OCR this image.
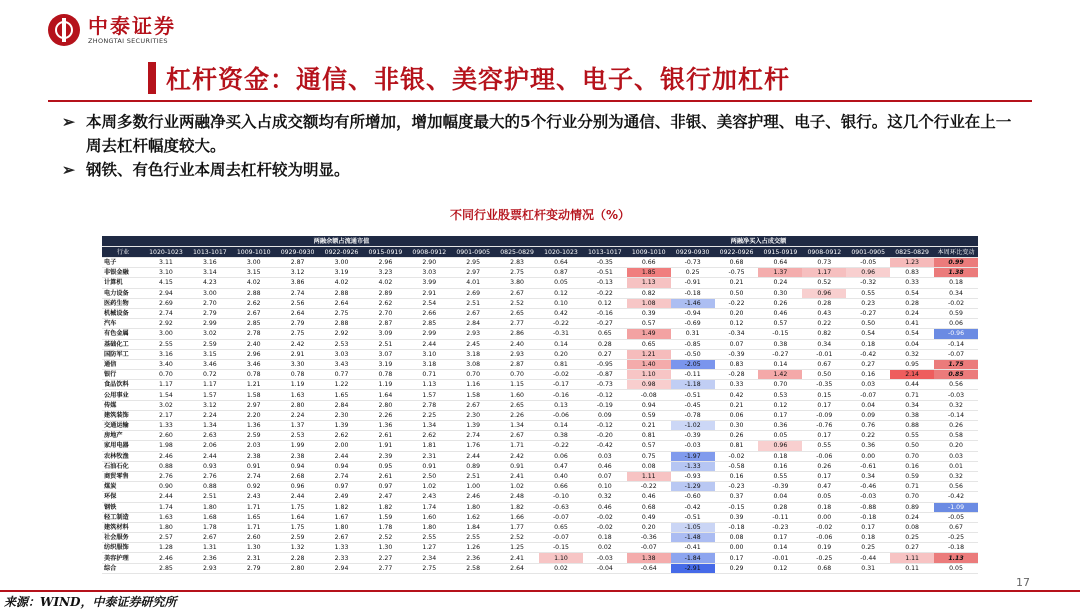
中泰证券
ZHONGTAI SECURITIES
杠杆资金：通信、非银、美容护理、电子、银行加杠杆
➢ 本周多数行业两融净买入占成交额均有所增加，增加幅度最大的5个行业分别为通信、非银、美容护理、电子、银行。这几个行业在上一周去杠杆幅度较大。
➢ 钢铁、有色行业本周去杠杆较为明显。
不同行业股票杠杆变动情况（%）
	两融余额占流通市值									两融净买入占成交额									
行业	1020-1023	1013-1017	1009-1010	0929-0930	0922-0926	0915-0919	0908-0912	0901-0905	0825-0829	1020-1023	1013-1017	1009-1010	0929-0930	0922-0926	0915-0919	0908-0912	0901-0905	0825-0829	本周环比变动
电子	3.11	3.16	3.00	2.87	3.00	2.96	2.90	2.95	2.83	0.64	-0.35	0.66	-0.73	0.68	0.64	0.73	-0.05	1.23	0.99
非银金融	3.10	3.14	3.15	3.12	3.19	3.23	3.03	2.97	2.75	0.87	-0.51	1.85	0.25	-0.75	1.37	1.17	0.96	0.83	1.38
计算机	4.15	4.23	4.02	3.86	4.02	4.02	3.99	4.01	3.80	0.05	-0.13	1.13	-0.91	0.21	0.24	0.52	-0.32	0.33	0.18
电力设备	2.94	3.00	2.88	2.74	2.88	2.89	2.91	2.69	2.67	0.12	-0.22	0.82	-0.18	0.50	0.30	0.96	0.55	0.54	0.34
医药生物	2.69	2.70	2.62	2.56	2.64	2.62	2.54	2.51	2.52	0.10	0.12	1.08	-1.46	-0.22	0.26	0.28	0.23	0.28	-0.02
机械设备	2.74	2.79	2.67	2.64	2.75	2.70	2.66	2.67	2.65	0.42	-0.16	0.39	-0.94	0.20	0.46	0.43	-0.27	0.24	0.59
汽车	2.92	2.99	2.85	2.79	2.88	2.87	2.85	2.84	2.77	-0.22	-0.27	0.57	-0.69	0.12	0.57	0.22	0.50	0.41	0.06
有色金属	3.00	3.02	2.78	2.75	2.92	3.09	2.99	2.93	2.86	-0.31	0.65	1.49	0.31	-0.34	-0.15	0.82	0.54	0.54	-0.96
基础化工	2.55	2.59	2.40	2.42	2.53	2.51	2.44	2.45	2.40	0.14	0.28	0.65	-0.85	0.07	0.38	0.34	0.18	0.04	-0.14
国防军工	3.16	3.15	2.96	2.91	3.03	3.07	3.10	3.18	2.93	0.20	0.27	1.21	-0.50	-0.39	-0.27	-0.01	-0.42	0.32	-0.07
通信	3.40	3.46	3.46	3.30	3.43	3.19	3.18	3.08	2.87	0.81	-0.95	1.40	-2.05	0.83	0.14	0.67	0.27	0.95	1.75
银行	0.70	0.72	0.78	0.78	0.77	0.78	0.71	0.70	0.70	-0.02	-0.87	1.10	-0.11	-0.28	1.42	0.50	0.16	2.14	0.85
食品饮料	1.17	1.17	1.21	1.19	1.22	1.19	1.13	1.16	1.15	-0.17	-0.73	0.98	-1.18	0.33	0.70	-0.35	0.03	0.44	0.56
公用事业	1.54	1.57	1.58	1.63	1.65	1.64	1.57	1.58	1.60	-0.16	-0.12	-0.08	-0.51	0.42	0.53	0.15	-0.07	0.71	-0.03
传媒	3.02	3.12	2.97	2.80	2.84	2.80	2.78	2.67	2.65	0.13	-0.19	0.94	-0.45	0.21	0.12	0.17	0.04	0.34	0.32
建筑装饰	2.17	2.24	2.20	2.24	2.30	2.26	2.25	2.30	2.26	-0.06	0.09	0.59	-0.78	0.06	0.17	-0.09	0.09	0.38	-0.14
交通运输	1.33	1.34	1.36	1.37	1.39	1.36	1.34	1.39	1.34	0.14	-0.12	0.21	-1.02	0.30	0.36	-0.76	0.76	0.88	0.26
房地产	2.60	2.63	2.59	2.53	2.62	2.61	2.62	2.74	2.67	0.38	-0.20	0.81	-0.39	0.26	0.05	0.17	0.22	0.55	0.58
家用电器	1.98	2.06	2.03	1.99	2.00	1.91	1.81	1.76	1.71	-0.22	-0.42	0.57	-0.03	0.81	0.96	0.55	0.36	0.50	0.20
农林牧渔	2.46	2.44	2.38	2.38	2.44	2.39	2.31	2.44	2.42	0.06	0.03	0.75	-1.97	-0.02	0.18	-0.06	0.00	0.70	0.03
石油石化	0.88	0.93	0.91	0.94	0.94	0.95	0.91	0.89	0.91	0.47	0.46	0.08	-1.33	-0.58	0.16	0.26	-0.61	0.16	0.01
商贸零售	2.76	2.76	2.74	2.68	2.74	2.61	2.50	2.51	2.41	0.40	0.07	1.11	-0.93	0.16	0.55	0.17	0.34	0.59	0.32
煤炭	0.90	0.88	0.92	0.96	0.97	0.97	1.02	1.00	1.02	0.66	0.10	-0.22	-1.29	-0.23	-0.39	0.47	-0.46	0.71	0.56
环保	2.44	2.51	2.43	2.44	2.49	2.47	2.43	2.46	2.48	-0.10	0.32	0.46	-0.60	0.37	0.04	0.05	-0.03	0.70	-0.42
钢铁	1.74	1.80	1.71	1.75	1.82	1.82	1.74	1.80	1.82	-0.63	0.46	0.68	-0.42	-0.15	0.28	0.18	-0.88	0.89	-1.09
轻工制造	1.63	1.68	1.65	1.64	1.67	1.59	1.60	1.62	1.66	-0.07	-0.02	0.49	-0.51	0.39	-0.11	0.00	-0.18	0.24	-0.05
建筑材料	1.80	1.78	1.71	1.75	1.80	1.78	1.80	1.84	1.77	0.65	-0.02	0.20	-1.05	-0.18	-0.23	-0.02	0.17	0.08	0.67
社会服务	2.57	2.67	2.60	2.59	2.67	2.52	2.55	2.55	2.52	-0.07	0.18	-0.36	-1.48	0.08	0.17	-0.06	0.18	0.25	-0.25
纺织服饰	1.28	1.31	1.30	1.32	1.33	1.30	1.27	1.26	1.25	-0.15	0.02	-0.07	-0.41	0.00	0.14	0.19	0.25	0.27	-0.18
美容护理	2.46	2.36	2.31	2.28	2.33	2.27	2.34	2.36	2.41	1.10	-0.03	1.38	-1.84	0.17	-0.01	-0.25	-0.44	1.11	1.13
综合	2.85	2.93	2.79	2.80	2.94	2.77	2.75	2.58	2.64	0.02	-0.04	-0.64	-2.91	0.29	0.12	0.68	0.31	0.11	0.05
17
来源：WIND，中泰证券研究所
